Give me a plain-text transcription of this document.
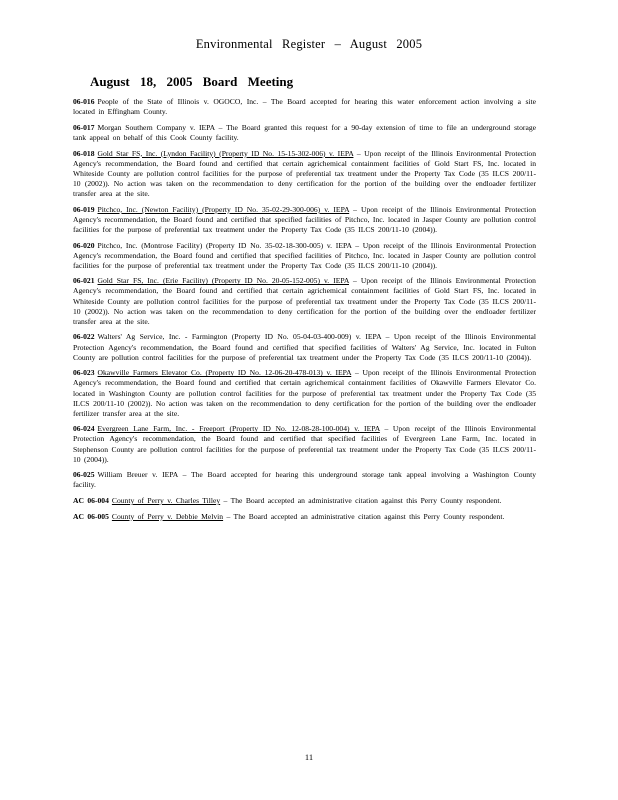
Environmental Register – August 2005
August 18, 2005 Board Meeting

06-016 People of the State of Illinois v. OGOCO, Inc. – The Board accepted for hearing this water enforcement action involving a site located in Effingham County.

06-017 Morgan Southern Company v. IEPA – The Board granted this request for a 90-day extension of time to file an underground storage tank appeal on behalf of this Cook County facility.

06-018 Gold Star FS, Inc. (Lyndon Facility) (Property ID No. 15-15-302-006) v. IEPA – Upon receipt of the Illinois Environmental Protection Agency's recommendation, the Board found and certified that certain agrichemical containment facilities of Gold Start FS, Inc. located in Whiteside County are pollution control facilities for the purpose of preferential tax treatment under the Property Tax Code (35 ILCS 200/11-10 (2002)). No action was taken on the recommendation to deny certification for the portion of the building over the endloader fertilizer transfer area at the site.

06-019 Pitchco, Inc. (Newton Facility) (Property ID No. 35-02-29-300-006) v. IEPA – Upon receipt of the Illinois Environmental Protection Agency's recommendation, the Board found and certified that specified facilities of Pitchco, Inc. located in Jasper County are pollution control facilities for the purpose of preferential tax treatment under the Property Tax Code (35 ILCS 200/11-10 (2004)).

06-020 Pitchco, Inc. (Montrose Facility) (Property ID No. 35-02-18-300-005) v. IEPA – Upon receipt of the Illinois Environmental Protection Agency's recommendation, the Board found and certified that specified facilities of Pitchco, Inc. located in Jasper County are pollution control facilities for the purpose of preferential tax treatment under the Property Tax Code (35 ILCS 200/11-10 (2004)).

06-021 Gold Star FS, Inc. (Erie Facility) (Property ID No. 20-05-152-005) v. IEPA – Upon receipt of the Illinois Environmental Protection Agency's recommendation, the Board found and certified that certain agrichemical containment facilities of Gold Start FS, Inc. located in Whiteside County are pollution control facilities for the purpose of preferential tax treatment under the Property Tax Code (35 ILCS 200/11-10 (2002)). No action was taken on the recommendation to deny certification for the portion of the building over the endloader fertilizer transfer area at the site.

06-022 Walters' Ag Service, Inc. - Farmington (Property ID No. 05-04-03-400-009) v. IEPA – Upon receipt of the Illinois Environmental Protection Agency's recommendation, the Board found and certified that specified facilities of Walters' Ag Service, Inc. located in Fulton County are pollution control facilities for the purpose of preferential tax treatment under the Property Tax Code (35 ILCS 200/11-10 (2004)).

06-023 Okawville Farmers Elevator Co. (Property ID No. 12-06-20-478-013) v. IEPA – Upon receipt of the Illinois Environmental Protection Agency's recommendation, the Board found and certified that certain agrichemical containment facilities of Okawville Farmers Elevator Co. located in Washington County are pollution control facilities for the purpose of preferential tax treatment under the Property Tax Code (35 ILCS 200/11-10 (2002)). No action was taken on the recommendation to deny certification for the portion of the building over the endloader fertilizer transfer area at the site.

06-024 Evergreen Lane Farm, Inc. - Freeport (Property ID No. 12-08-28-100-004) v. IEPA – Upon receipt of the Illinois Environmental Protection Agency's recommendation, the Board found and certified that specified facilities of Evergreen Lane Farm, Inc. located in Stephenson County are pollution control facilities for the purpose of preferential tax treatment under the Property Tax Code (35 ILCS 200/11-10 (2004)).

06-025 William Breuer v. IEPA – The Board accepted for hearing this underground storage tank appeal involving a Washington County facility.

AC 06-004 County of Perry v. Charles Tilley – The Board accepted an administrative citation against this Perry County respondent.

AC 06-005 County of Perry v. Debbie Melvin – The Board accepted an administrative citation against this Perry County respondent.

11
